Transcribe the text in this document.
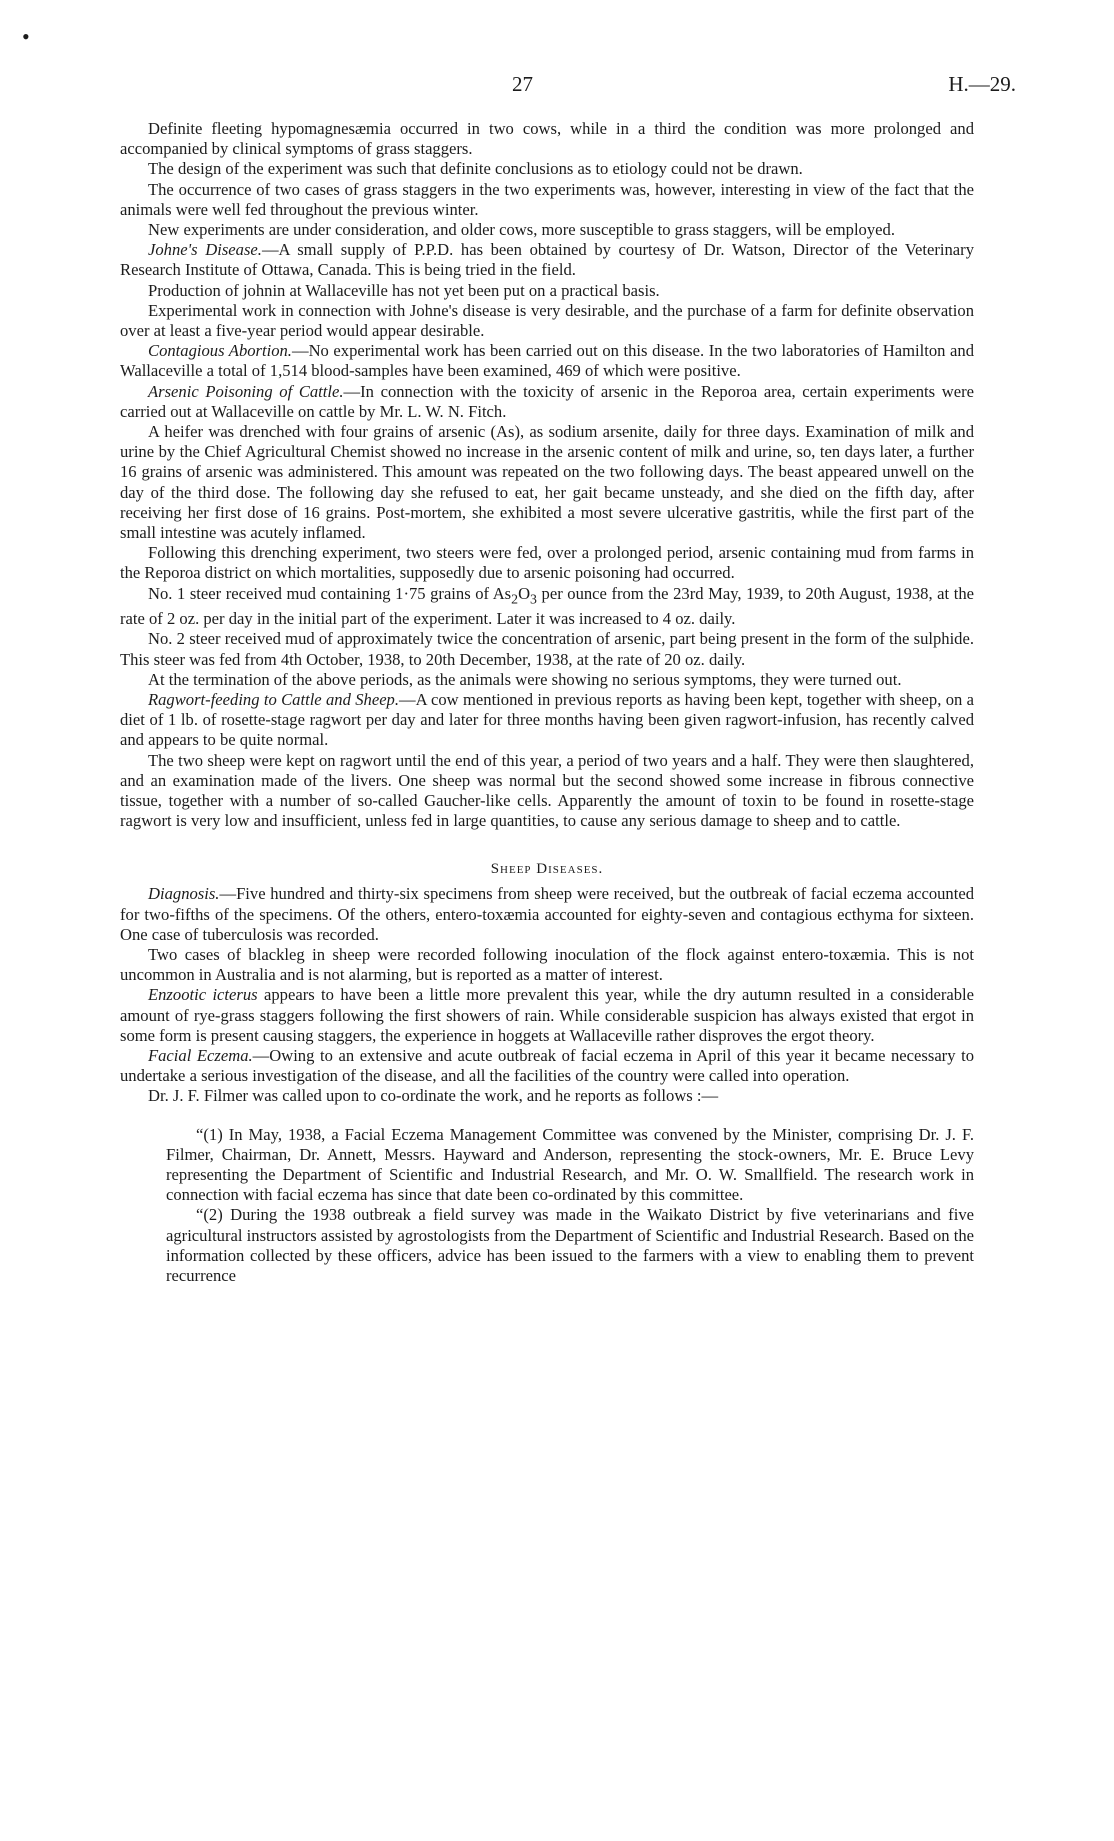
•
27	H.—29.

Definite fleeting hypomagnesæmia occurred in two cows, while in a third the condition was more prolonged and accompanied by clinical symptoms of grass staggers.

The design of the experiment was such that definite conclusions as to etiology could not be drawn.

The occurrence of two cases of grass staggers in the two experiments was, however, interesting in view of the fact that the animals were well fed throughout the previous winter.

New experiments are under consideration, and older cows, more susceptible to grass staggers, will be employed.

Johne's Disease.—A small supply of P.P.D. has been obtained by courtesy of Dr. Watson, Director of the Veterinary Research Institute of Ottawa, Canada. This is being tried in the field.

Production of johnin at Wallaceville has not yet been put on a practical basis.

Experimental work in connection with Johne's disease is very desirable, and the purchase of a farm for definite observation over at least a five-year period would appear desirable.

Contagious Abortion.—No experimental work has been carried out on this disease. In the two laboratories of Hamilton and Wallaceville a total of 1,514 blood-samples have been examined, 469 of which were positive.

Arsenic Poisoning of Cattle.—In connection with the toxicity of arsenic in the Reporoa area, certain experiments were carried out at Wallaceville on cattle by Mr. L. W. N. Fitch.

A heifer was drenched with four grains of arsenic (As), as sodium arsenite, daily for three days. Examination of milk and urine by the Chief Agricultural Chemist showed no increase in the arsenic content of milk and urine, so, ten days later, a further 16 grains of arsenic was administered. This amount was repeated on the two following days. The beast appeared unwell on the day of the third dose. The following day she refused to eat, her gait became unsteady, and she died on the fifth day, after receiving her first dose of 16 grains. Post-mortem, she exhibited a most severe ulcerative gastritis, while the first part of the small intestine was acutely inflamed.

Following this drenching experiment, two steers were fed, over a prolonged period, arsenic containing mud from farms in the Reporoa district on which mortalities, supposedly due to arsenic poisoning had occurred.

No. 1 steer received mud containing 1·75 grains of $As_2O_3$ per ounce from the 23rd May, 1939, to 20th August, 1938, at the rate of 2 oz. per day in the initial part of the experiment. Later it was increased to 4 oz. daily.

No. 2 steer received mud of approximately twice the concentration of arsenic, part being present in the form of the sulphide. This steer was fed from 4th October, 1938, to 20th December, 1938, at the rate of 20 oz. daily.

At the termination of the above periods, as the animals were showing no serious symptoms, they were turned out.

Ragwort-feeding to Cattle and Sheep.—A cow mentioned in previous reports as having been kept, together with sheep, on a diet of 1 lb. of rosette-stage ragwort per day and later for three months having been given ragwort-infusion, has recently calved and appears to be quite normal.

The two sheep were kept on ragwort until the end of this year, a period of two years and a half. They were then slaughtered, and an examination made of the livers. One sheep was normal but the second showed some increase in fibrous connective tissue, together with a number of so-called Gaucher-like cells. Apparently the amount of toxin to be found in rosette-stage ragwort is very low and insufficient, unless fed in large quantities, to cause any serious damage to sheep and to cattle.

Sheep Diseases.

Diagnosis.—Five hundred and thirty-six specimens from sheep were received, but the outbreak of facial eczema accounted for two-fifths of the specimens. Of the others, entero-toxæmia accounted for eighty-seven and contagious ecthyma for sixteen. One case of tuberculosis was recorded.

Two cases of blackleg in sheep were recorded following inoculation of the flock against entero-toxæmia. This is not uncommon in Australia and is not alarming, but is reported as a matter of interest.

Enzootic icterus appears to have been a little more prevalent this year, while the dry autumn resulted in a considerable amount of rye-grass staggers following the first showers of rain. While considerable suspicion has always existed that ergot in some form is present causing staggers, the experience in hoggets at Wallaceville rather disproves the ergot theory.

Facial Eczema.—Owing to an extensive and acute outbreak of facial eczema in April of this year it became necessary to undertake a serious investigation of the disease, and all the facilities of the country were called into operation.

Dr. J. F. Filmer was called upon to co-ordinate the work, and he reports as follows :—

“(1) In May, 1938, a Facial Eczema Management Committee was convened by the Minister, comprising Dr. J. F. Filmer, Chairman, Dr. Annett, Messrs. Hayward and Anderson, representing the stock-owners, Mr. E. Bruce Levy representing the Department of Scientific and Industrial Research, and Mr. O. W. Smallfield. The research work in connection with facial eczema has since that date been co-ordinated by this committee.

“(2) During the 1938 outbreak a field survey was made in the Waikato District by five veterinarians and five agricultural instructors assisted by agrostologists from the Department of Scientific and Industrial Research. Based on the information collected by these officers, advice has been issued to the farmers with a view to enabling them to prevent recurrence
